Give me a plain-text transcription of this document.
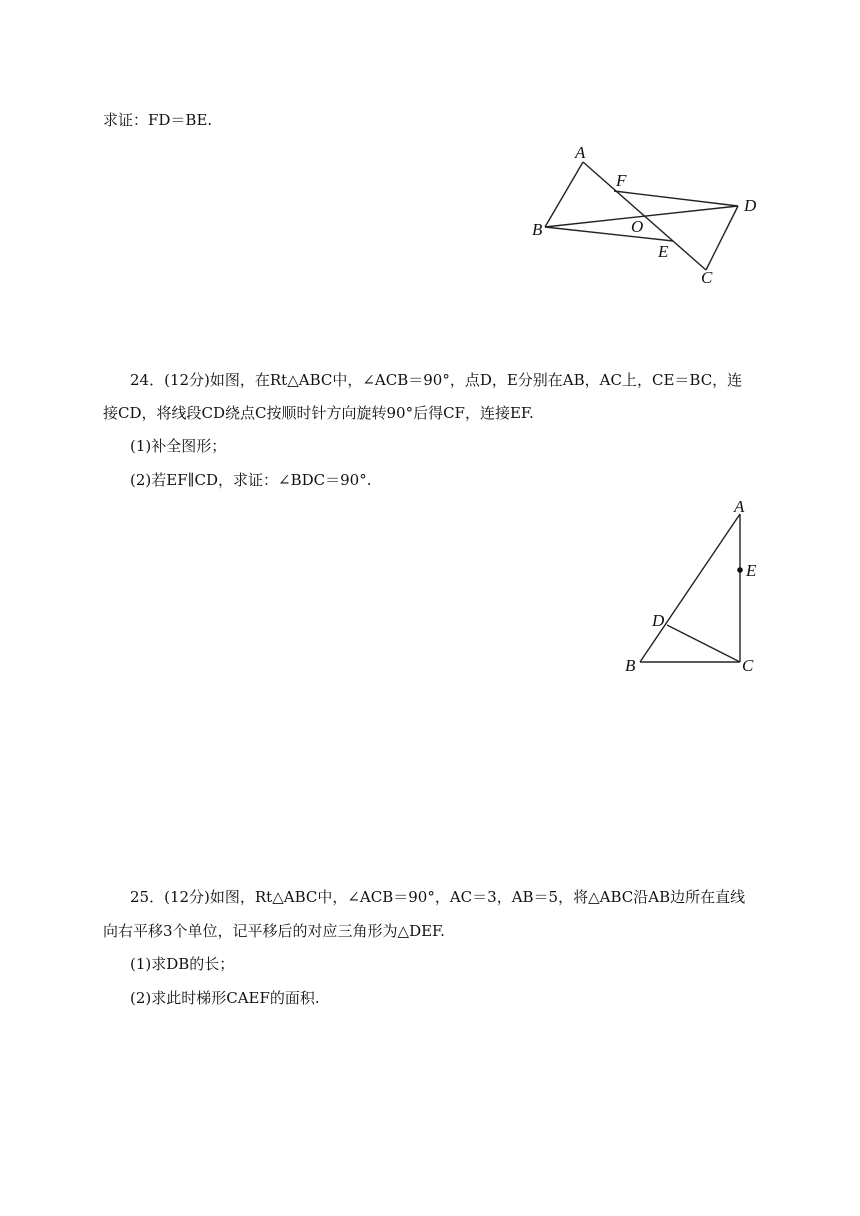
求证：FD＝BE.
A
F
D
B	O
E
C
24．(12分)如图，在Rt△ABC中，∠ACB＝90°，点D，E分别在AB，AC上，CE＝BC，连
接CD，将线段CD绕点C按顺时针方向旋转90°后得CF，连接EF.
(1)补全图形；
(2)若EF∥CD，求证：∠BDC＝90°.
A
E
D
B	C
25．(12分)如图，Rt△ABC中，∠ACB＝90°，AC＝3，AB＝5，将△ABC沿AB边所在直线
向右平移3个单位，记平移后的对应三角形为△DEF.
(1)求DB的长；
(2)求此时梯形CAEF的面积.
